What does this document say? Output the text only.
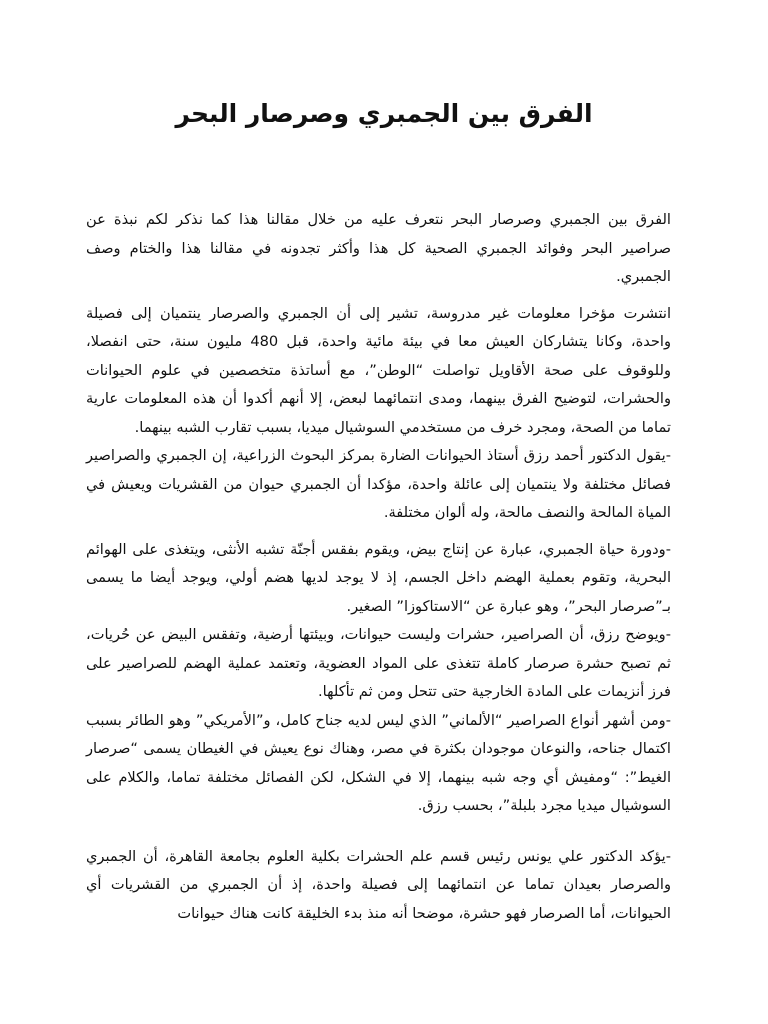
الفرق بين الجمبري وصرصار البحر

الفرق بين الجمبري وصرصار البحر نتعرف عليه من خلال مقالنا هذا كما نذكر لكم نبذة عن صراصير البحر وفوائد الجمبري الصحية كل هذا وأكثر تجدونه في مقالنا هذا والختام وصف الجمبري.

انتشرت مؤخرا معلومات غير مدروسة، تشير إلى أن الجمبري والصرصار ينتميان إلى فصيلة واحدة، وكانا يتشاركان العيش معا في بيئة مائية واحدة، قبل 480 مليون سنة، حتى انفصلا، وللوقوف على صحة الأقاويل تواصلت “الوطن”، مع أساتذة متخصصين في علوم الحيوانات والحشرات، لتوضيح الفرق بينهما، ومدى انتمائهما لبعض، إلا أنهم أكدوا أن هذه المعلومات عارية تماما من الصحة، ومجرد خرف من مستخدمي السوشيال ميديا، بسبب تقارب الشبه بينهما.

-يقول الدكتور أحمد رزق أستاذ الحيوانات الضارة بمركز البحوث الزراعية، إن الجمبري والصراصير فصائل مختلفة ولا ينتميان إلى عائلة واحدة، مؤكدا أن الجمبري حيوان من القشريات ويعيش في المياة المالحة والنصف مالحة، وله ألوان مختلفة.

-ودورة حياة الجمبري، عبارة عن إنتاج بيض، ويقوم بفقس أجنّة تشبه الأنثى، ويتغذى على الهوائم البحرية، وتقوم بعملية الهضم داخل الجسم، إذ لا يوجد لديها هضم أولي، ويوجد أيضا ما يسمى بـ”صرصار البحر”، وهو عبارة عن “الاستاكوزا” الصغير.

-ويوضح رزق، أن الصراصير، حشرات وليست حيوانات، وبيئتها أرضية، وتفقس البيض عن حُريات، ثم تصبح حشرة صرصار كاملة تتغذى على المواد العضوية، وتعتمد عملية الهضم للصراصير على فرز أنزيمات على المادة الخارجية حتى تتحل ومن ثم تأكلها.

-ومن أشهر أنواع الصراصير “الألماني” الذي ليس لديه جناح كامل، و”الأمريكي” وهو الطائر بسبب اكتمال جناحه، والنوعان موجودان بكثرة في مصر، وهناك نوع يعيش في الغيطان يسمى “صرصار الغيط”: “ومفيش أي وجه شبه بينهما، إلا في الشكل، لكن الفصائل مختلفة تماما، والكلام على السوشيال ميديا مجرد بلبلة”، بحسب رزق.

-يؤكد الدكتور علي يونس رئيس قسم علم الحشرات بكلية العلوم بجامعة القاهرة، أن الجمبري والصرصار بعيدان تماما عن انتمائهما إلى فصيلة واحدة، إذ أن الجمبري من القشريات أي الحيوانات، أما الصرصار فهو حشرة، موضحا أنه منذ بدء الخليقة كانت هناك حيوانات
